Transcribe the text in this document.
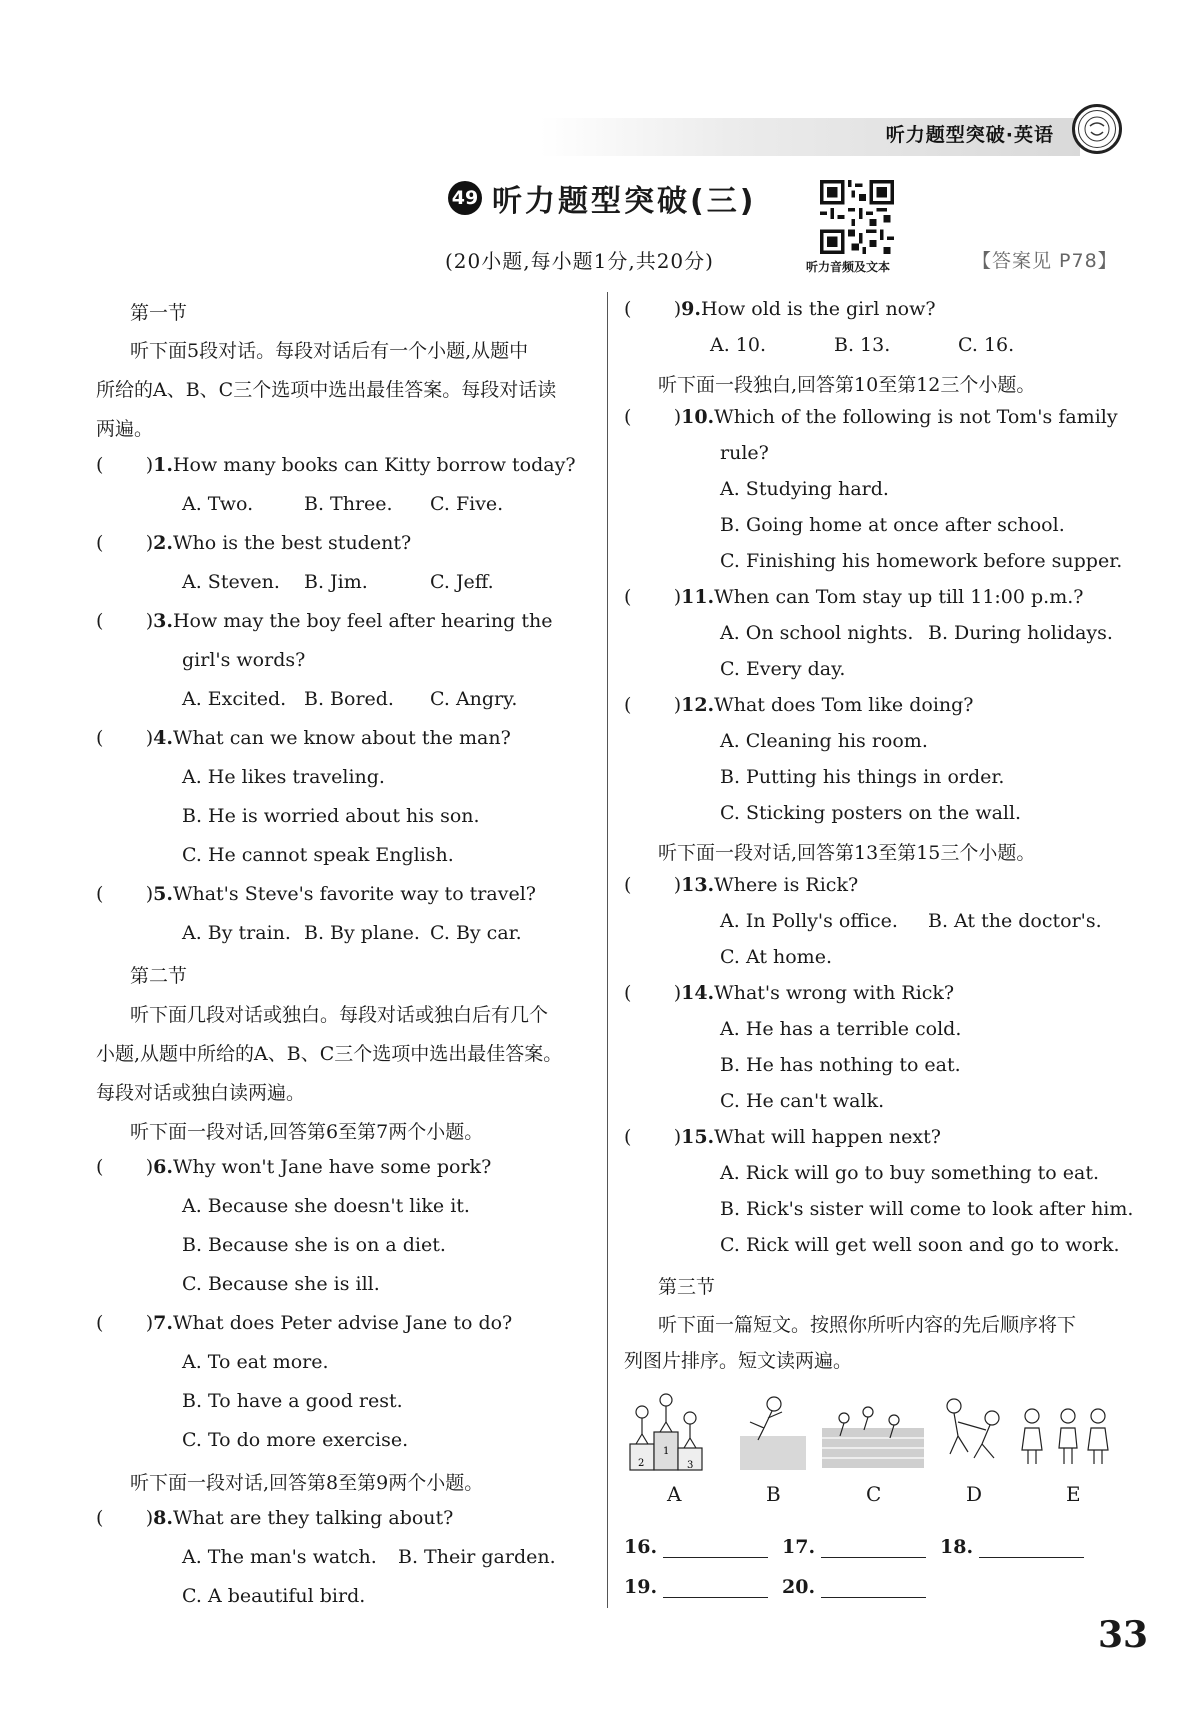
听力题型突破·英语
49 听力题型突破(三)
(20小题,每小题1分,共20分)	听力音频及文本	【答案见 P78】
第一节
听下面5段对话。每段对话后有一个小题,从题中
所给的A、B、C三个选项中选出最佳答案。每段对话读
两遍。
(       )1.How many books can Kitty borrow today?
A. Two.	B. Three. C. Five.
(       )2.Who is the best student?
A. Steven. B. Jim.	C. Jeff.
(       )3.How may the boy feel after hearing the
girl's words?
A. Excited. B. Bored. C. Angry.
(       )4.What can we know about the man?
A. He likes traveling.
B. He is worried about his son.
C. He cannot speak English.
(       )5.What's Steve's favorite way to travel?
A. By train. B. By plane. C. By car.
第二节
听下面几段对话或独白。每段对话或独白后有几个
小题,从题中所给的A、B、C三个选项中选出最佳答案。
每段对话或独白读两遍。
听下面一段对话,回答第6至第7两个小题。
(       )6.Why won't Jane have some pork?
A. Because she doesn't like it.
B. Because she is on a diet.
C. Because she is ill.
(       )7.What does Peter advise Jane to do?
A. To eat more.
B. To have a good rest.
C. To do more exercise.
听下面一段对话,回答第8至第9两个小题。
(       )8.What are they talking about?
A. The man's watch. B. Their garden.
C. A beautiful bird.
(       )9.How old is the girl now?
A. 10.	B. 13.	C. 16.
听下面一段独白,回答第10至第12三个小题。
(       )10.Which of the following is not Tom's family
rule?
A. Studying hard.
B. Going home at once after school.
C. Finishing his homework before supper.
(       )11.When can Tom stay up till 11:00 p.m.?
A. On school nights. B. During holidays.
C. Every day.
(       )12.What does Tom like doing?
A. Cleaning his room.
B. Putting his things in order.
C. Sticking posters on the wall.
听下面一段对话,回答第13至第15三个小题。
(       )13.Where is Rick?
A. In Polly's office. B. At the doctor's.
C. At home.
(       )14.What's wrong with Rick?
A. He has a terrible cold.
B. He has nothing to eat.
C. He can't walk.
(       )15.What will happen next?
A. Rick will go to buy something to eat.
B. Rick's sister will come to look after him.
C. Rick will get well soon and go to work.
第三节
听下面一篇短文。按照你所听内容的先后顺序将下
列图片排序。短文读两遍。
2
1
3
A	B	C	D	E
16.	17.	18.
19.	20.
33
